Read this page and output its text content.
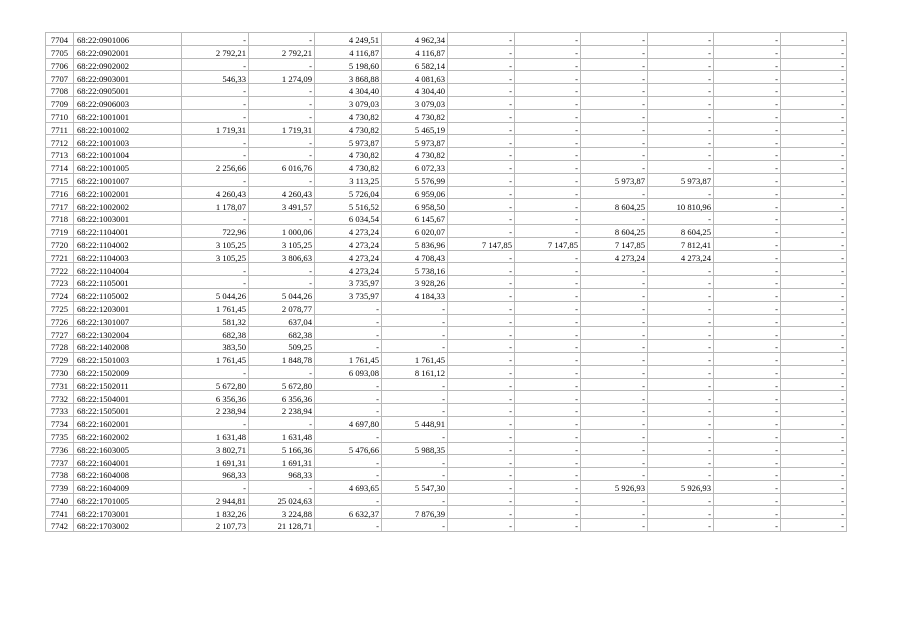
7704	68:22:0901006	-	-	4 249,51	4 962,34	-	-	-	-	-	-
7705	68:22:0902001	2 792,21	2 792,21	4 116,87	4 116,87	-	-	-	-	-	-
7706	68:22:0902002	-	-	5 198,60	6 582,14	-	-	-	-	-	-
7707	68:22:0903001	546,33	1 274,09	3 868,88	4 081,63	-	-	-	-	-	-
7708	68:22:0905001	-	-	4 304,40	4 304,40	-	-	-	-	-	-
7709	68:22:0906003	-	-	3 079,03	3 079,03	-	-	-	-	-	-
7710	68:22:1001001	-	-	4 730,82	4 730,82	-	-	-	-	-	-
7711	68:22:1001002	1 719,31	1 719,31	4 730,82	5 465,19	-	-	-	-	-	-
7712	68:22:1001003	-	-	5 973,87	5 973,87	-	-	-	-	-	-
7713	68:22:1001004	-	-	4 730,82	4 730,82	-	-	-	-	-	-
7714	68:22:1001005	2 256,66	6 016,76	4 730,82	6 072,33	-	-	-	-	-	-
7715	68:22:1001007	-	-	3 113,25	5 576,99	-	-	5 973,87	5 973,87	-	-
7716	68:22:1002001	4 260,43	4 260,43	5 726,04	6 959,06	-	-	-	-	-	-
7717	68:22:1002002	1 178,07	3 491,57	5 516,52	6 958,50	-	-	8 604,25	10 810,96	-	-
7718	68:22:1003001	-	-	6 034,54	6 145,67	-	-	-	-	-	-
7719	68:22:1104001	722,96	1 000,06	4 273,24	6 020,07	-	-	8 604,25	8 604,25	-	-
7720	68:22:1104002	3 105,25	3 105,25	4 273,24	5 836,96	7 147,85	7 147,85	7 147,85	7 812,41	-	-
7721	68:22:1104003	3 105,25	3 806,63	4 273,24	4 708,43	-	-	4 273,24	4 273,24	-	-
7722	68:22:1104004	-	-	4 273,24	5 738,16	-	-	-	-	-	-
7723	68:22:1105001	-	-	3 735,97	3 928,26	-	-	-	-	-	-
7724	68:22:1105002	5 044,26	5 044,26	3 735,97	4 184,33	-	-	-	-	-	-
7725	68:22:1203001	1 761,45	2 078,77	-	-	-	-	-	-	-	-
7726	68:22:1301007	581,32	637,04	-	-	-	-	-	-	-	-
7727	68:22:1302004	682,38	682,38	-	-	-	-	-	-	-	-
7728	68:22:1402008	383,50	509,25	-	-	-	-	-	-	-	-
7729	68:22:1501003	1 761,45	1 848,78	1 761,45	1 761,45	-	-	-	-	-	-
7730	68:22:1502009	-	-	6 093,08	8 161,12	-	-	-	-	-	-
7731	68:22:1502011	5 672,80	5 672,80	-	-	-	-	-	-	-	-
7732	68:22:1504001	6 356,36	6 356,36	-	-	-	-	-	-	-	-
7733	68:22:1505001	2 238,94	2 238,94	-	-	-	-	-	-	-	-
7734	68:22:1602001	-	-	4 697,80	5 448,91	-	-	-	-	-	-
7735	68:22:1602002	1 631,48	1 631,48	-	-	-	-	-	-	-	-
7736	68:22:1603005	3 802,71	5 166,36	5 476,66	5 988,35	-	-	-	-	-	-
7737	68:22:1604001	1 691,31	1 691,31	-	-	-	-	-	-	-	-
7738	68:22:1604008	968,33	968,33	-	-	-	-	-	-	-	-
7739	68:22:1604009	-	-	4 693,65	5 547,30	-	-	5 926,93	5 926,93	-	-
7740	68:22:1701005	2 944,81	25 024,63	-	-	-	-	-	-	-	-
7741	68:22:1703001	1 832,26	3 224,88	6 632,37	7 876,39	-	-	-	-	-	-
7742	68:22:1703002	2 107,73	21 128,71	-	-	-	-	-	-	-	-
